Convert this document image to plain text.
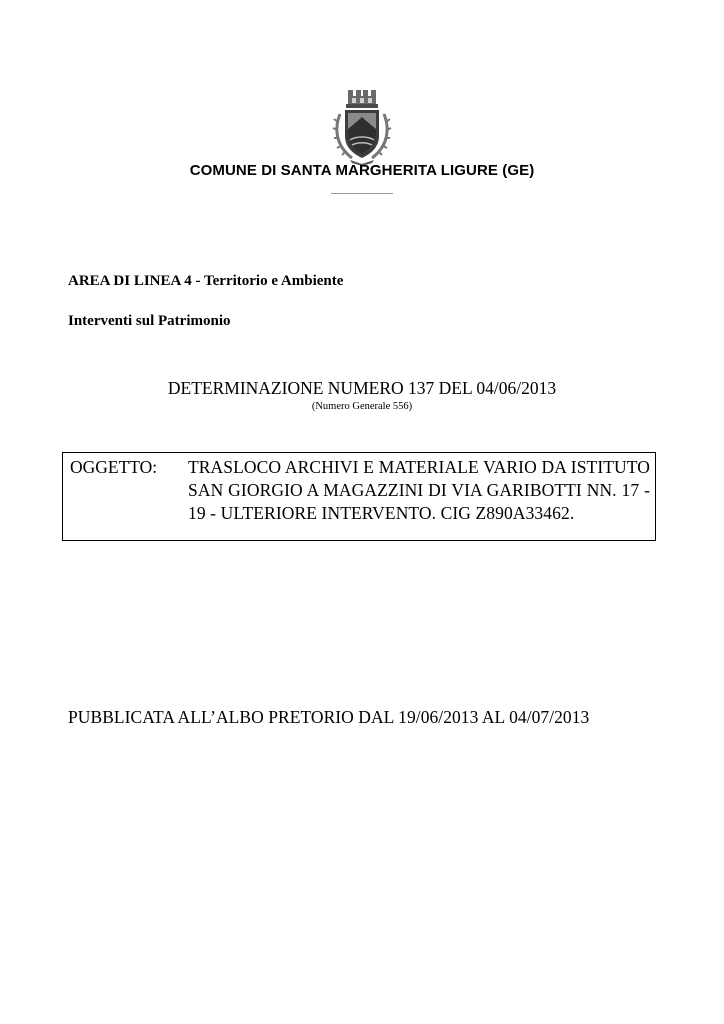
COMUNE DI SANTA MARGHERITA LIGURE (GE)
AREA DI LINEA 4 - Territorio e Ambiente
Interventi sul Patrimonio
DETERMINAZIONE NUMERO 137 DEL 04/06/2013
(Numero Generale 556)
OGGETTO: TRASLOCO ARCHIVI E MATERIALE VARIO DA ISTITUTO SAN GIORGIO A MAGAZZINI DI VIA GARIBOTTI NN. 17 - 19 - ULTERIORE INTERVENTO. CIG Z890A33462.
PUBBLICATA ALL’ALBO PRETORIO DAL 19/06/2013 AL 04/07/2013
